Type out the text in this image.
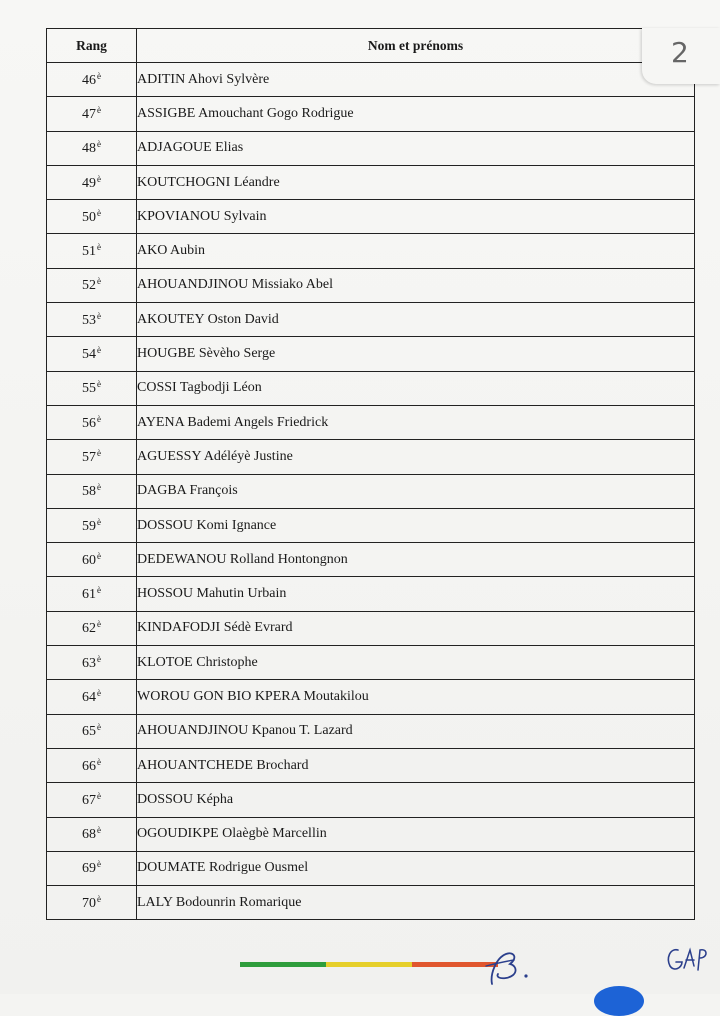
Rang	Nom et prénoms
$46^è$	ADITIN Ahovi Sylvère
$47^è$	ASSIGBE Amouchant Gogo Rodrigue
$48^è$	ADJAGOUE Elias
$49^è$	KOUTCHOGNI Léandre
$50^è$	KPOVIANOU Sylvain
$51^è$	AKO Aubin
$52^è$	AHOUANDJINOU Missiako Abel
$53^è$	AKOUTEY Oston David
$54^è$	HOUGBE Sèvèho Serge
$55^è$	COSSI Tagbodji Léon
$56^è$	AYENA Bademi Angels Friedrick
$57^è$	AGUESSY Adéléyè Justine
$58^è$	DAGBA François
$59^è$	DOSSOU Komi Ignance
$60^è$	DEDEWANOU Rolland Hontongnon
$61^è$	HOSSOU Mahutin Urbain
$62^è$	KINDAFODJI Sédè Evrard
$63^è$	KLOTOE Christophe
$64^è$	WOROU GON BIO KPERA Moutakilou
$65^è$	AHOUANDJINOU Kpanou T. Lazard
$66^è$	AHOUANTCHEDE Brochard
$67^è$	DOSSOU Képha
$68^è$	OGOUDIKPE Olaègbè Marcellin
$69^è$	DOUMATE Rodrigue Ousmel
$70^è$	LALY Bodounrin Romarique
2
